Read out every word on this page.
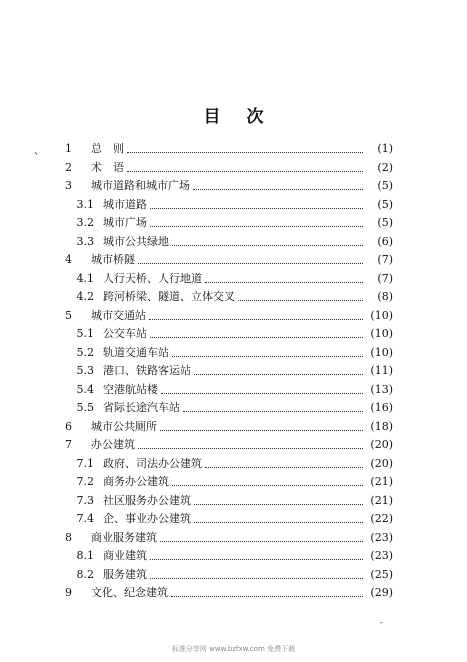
目 次
、	1 总　则	(1)
2 术　语	(2)
3 城市道路和城市广场	(5)
3.1 城市道路	(5)
3.2 城市广场	(5)
3.3 城市公共绿地	(6)
4 城市桥隧	(7)
4.1 人行天桥、人行地道	(7)
4.2 跨河桥梁、隧道、立体交叉	(8)
5 城市交通站	(10)
5.1 公交车站	(10)
5.2 轨道交通车站	(10)
5.3 港口、铁路客运站	(11)
5.4 空港航站楼	(13)
5.5 省际长途汽车站	(16)
6 城市公共厕所	(18)
7 办公建筑	(20)
7.1 政府、司法办公建筑	(20)
7.2 商务办公建筑	(21)
7.3 社区服务办公建筑	(21)
7.4 企、事业办公建筑	(22)
8 商业服务建筑	(23)
8.1 商业建筑	(23)
8.2 服务建筑	(25)
9 文化、纪念建筑	(29)
-
标准分享网 www.bzfxw.com 免费下载
